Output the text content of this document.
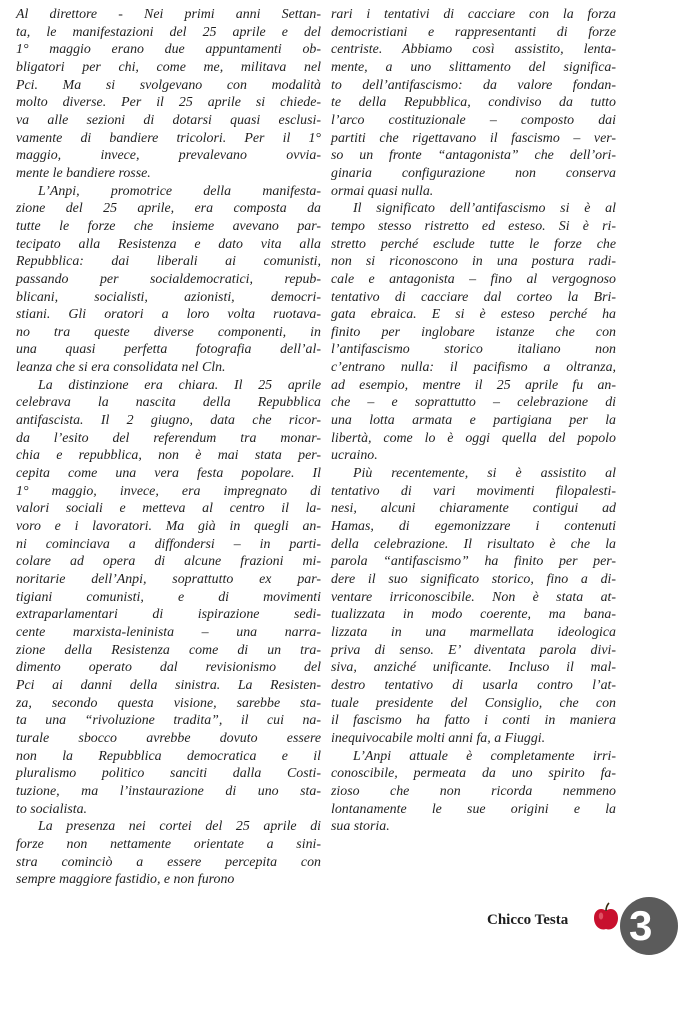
Al direttore - Nei primi anni Settan-
ta, le manifestazioni del 25 aprile e del
1° maggio erano due appuntamenti ob-
bligatori per chi, come me, militava nel
Pci. Ma si svolgevano con modalità
molto diverse. Per il 25 aprile si chiede-
va alle sezioni di dotarsi quasi esclusi-
vamente di bandiere tricolori. Per il 1°
maggio, invece, prevalevano ovvia-
mente le bandiere rosse.
L’Anpi, promotrice della manifesta-
zione del 25 aprile, era composta da
tutte le forze che insieme avevano par-
tecipato alla Resistenza e dato vita alla
Repubblica: dai liberali ai comunisti,
passando per socialdemocratici, repub-
blicani, socialisti, azionisti, democri-
stiani. Gli oratori a loro volta ruotava-
no tra queste diverse componenti, in
una quasi perfetta fotografia dell’al-
leanza che si era consolidata nel Cln.
La distinzione era chiara. Il 25 aprile
celebrava la nascita della Repubblica
antifascista. Il 2 giugno, data che ricor-
da l’esito del referendum tra monar-
chia e repubblica, non è mai stata per-
cepita come una vera festa popolare. Il
1° maggio, invece, era impregnato di
valori sociali e metteva al centro il la-
voro e i lavoratori. Ma già in quegli an-
ni cominciava a diffondersi – in parti-
colare ad opera di alcune frazioni mi-
noritarie dell’Anpi, soprattutto ex par-
tigiani comunisti, e di movimenti
extraparlamentari di ispirazione sedi-
cente marxista-leninista – una narra-
zione della Resistenza come di un tra-
dimento operato dal revisionismo del
Pci ai danni della sinistra. La Resisten-
za, secondo questa visione, sarebbe sta-
ta una “rivoluzione tradita”, il cui na-
turale sbocco avrebbe dovuto essere
non la Repubblica democratica e il
pluralismo politico sanciti dalla Costi-
tuzione, ma l’instaurazione di uno sta-
to socialista.
La presenza nei cortei del 25 aprile di
forze non nettamente orientate a sini-
stra cominciò a essere percepita con
sempre maggiore fastidio, e non furono
rari i tentativi di cacciare con la forza
democristiani e rappresentanti di forze
centriste. Abbiamo così assistito, lenta-
mente, a uno slittamento del significa-
to dell’antifascismo: da valore fondan-
te della Repubblica, condiviso da tutto
l’arco costituzionale – composto dai
partiti che rigettavano il fascismo – ver-
so un fronte “antagonista” che dell’ori-
ginaria configurazione non conserva
ormai quasi nulla.
Il significato dell’antifascismo si è al
tempo stesso ristretto ed esteso. Si è ri-
stretto perché esclude tutte le forze che
non si riconoscono in una postura radi-
cale e antagonista – fino al vergognoso
tentativo di cacciare dal corteo la Bri-
gata ebraica. E si è esteso perché ha
finito per inglobare istanze che con
l’antifascismo storico italiano non
c’entrano nulla: il pacifismo a oltranza,
ad esempio, mentre il 25 aprile fu an-
che – e soprattutto – celebrazione di
una lotta armata e partigiana per la
libertà, come lo è oggi quella del popolo
ucraino.
Più recentemente, si è assistito al
tentativo di vari movimenti filopalesti-
nesi, alcuni chiaramente contigui ad
Hamas, di egemonizzare i contenuti
della celebrazione. Il risultato è che la
parola “antifascismo” ha finito per per-
dere il suo significato storico, fino a di-
ventare irriconoscibile. Non è stata at-
tualizzata in modo coerente, ma bana-
lizzata in una marmellata ideologica
priva di senso. E’ diventata parola divi-
siva, anziché unificante. Incluso il mal-
destro tentativo di usarla contro l’at-
tuale presidente del Consiglio, che con
il fascismo ha fatto i conti in maniera
inequivocabile molti anni fa, a Fiuggi.
L’Anpi attuale è completamente irri-
conoscibile, permeata da uno spirito fa-
zioso che non ricorda nemmeno
lontanamente le sue origini e la
sua storia.
Chicco Testa 3
